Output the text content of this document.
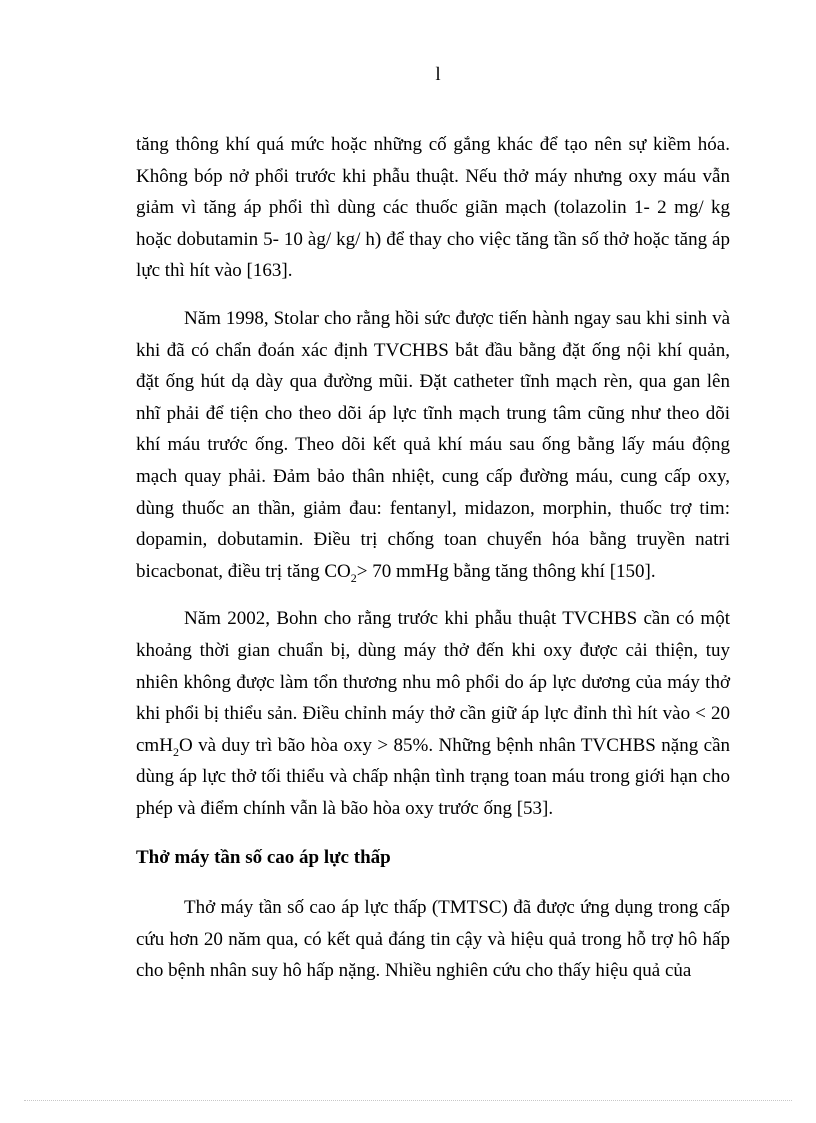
l

tăng thông khí quá mức hoặc những cố gắng khác để tạo nên sự kiềm hóa. Không bóp nở phổi trước khi phẫu thuật. Nếu thở máy nhưng oxy máu vẫn giảm vì tăng áp phổi thì dùng các thuốc giãn mạch (tolazolin 1- 2 mg/ kg hoặc dobutamin 5- 10 àg/ kg/ h) để thay cho việc tăng tần số thở hoặc tăng áp lực thì hít vào [163].

Năm 1998, Stolar cho rằng hồi sức được tiến hành ngay sau khi sinh và khi đã có chẩn đoán xác định TVCHBS bắt đầu bằng đặt ống nội khí quản, đặt ống hút dạ dày qua đường mũi. Đặt catheter tĩnh mạch rèn, qua gan lên nhĩ phải để tiện cho theo dõi áp lực tĩnh mạch trung tâm cũng như theo dõi khí máu trước ống. Theo dõi kết quả khí máu sau ống bằng lấy máu động mạch quay phải. Đảm bảo thân nhiệt, cung cấp đường máu, cung cấp oxy, dùng thuốc an thần, giảm đau: fentanyl, midazon, morphin, thuốc trợ tim: dopamin, dobutamin. Điều trị chống toan chuyển hóa bằng truyền natri bicacbonat, điều trị tăng $CO_2> 70$ mmHg bằng tăng thông khí [150].

Năm 2002, Bohn cho rằng trước khi phẫu thuật TVCHBS cần có một khoảng thời gian chuẩn bị, dùng máy thở đến khi oxy được cải thiện, tuy nhiên không được làm tổn thương nhu mô phổi do áp lực dương của máy thở khi phổi bị thiểu sản. Điều chỉnh máy thở cần giữ áp lực đỉnh thì hít vào < 20 cmH$_2$O và duy trì bão hòa oxy > 85%. Những bệnh nhân TVCHBS nặng cần dùng áp lực thở tối thiểu và chấp nhận tình trạng toan máu trong giới hạn cho phép và điểm chính vẫn là bão hòa oxy trước ống [53].

Thở máy tần số cao áp lực thấp

Thở máy tần số cao áp lực thấp (TMTSC) đã được ứng dụng trong cấp cứu hơn 20 năm qua, có kết quả đáng tin cậy và hiệu quả trong hỗ trợ hô hấp cho bệnh nhân suy hô hấp nặng. Nhiều nghiên cứu cho thấy hiệu quả của
